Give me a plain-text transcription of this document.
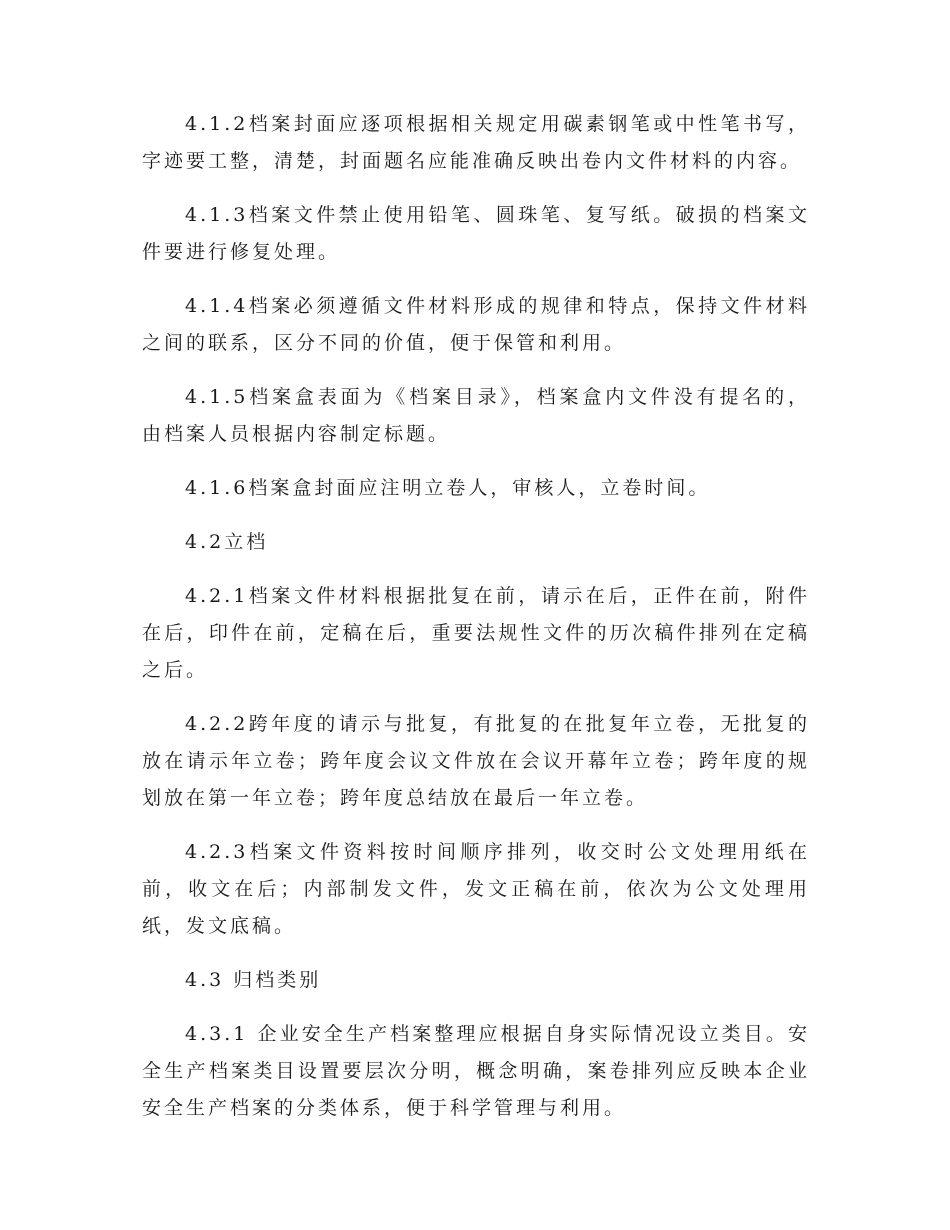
4.1.2档案封面应逐项根据相关规定用碳素钢笔或中性笔书写，字迹要工整，清楚，封面题名应能准确反映出卷内文件材料的内容。

4.1.3档案文件禁止使用铅笔、圆珠笔、复写纸。破损的档案文件要进行修复处理。

4.1.4档案必须遵循文件材料形成的规律和特点，保持文件材料之间的联系，区分不同的价值，便于保管和利用。

4.1.5档案盒表面为《档案目录》，档案盒内文件没有提名的，由档案人员根据内容制定标题。

4.1.6档案盒封面应注明立卷人，审核人，立卷时间。

4.2立档

4.2.1档案文件材料根据批复在前，请示在后，正件在前，附件在后，印件在前，定稿在后，重要法规性文件的历次稿件排列在定稿之后。

4.2.2跨年度的请示与批复，有批复的在批复年立卷，无批复的放在请示年立卷；跨年度会议文件放在会议开幕年立卷；跨年度的规划放在第一年立卷；跨年度总结放在最后一年立卷。

4.2.3档案文件资料按时间顺序排列，收交时公文处理用纸在前，收文在后；内部制发文件，发文正稿在前，依次为公文处理用纸，发文底稿。

4.3 归档类别

4.3.1 企业安全生产档案整理应根据自身实际情况设立类目。安全生产档案类目设置要层次分明，概念明确，案卷排列应反映本企业安全生产档案的分类体系，便于科学管理与利用。
